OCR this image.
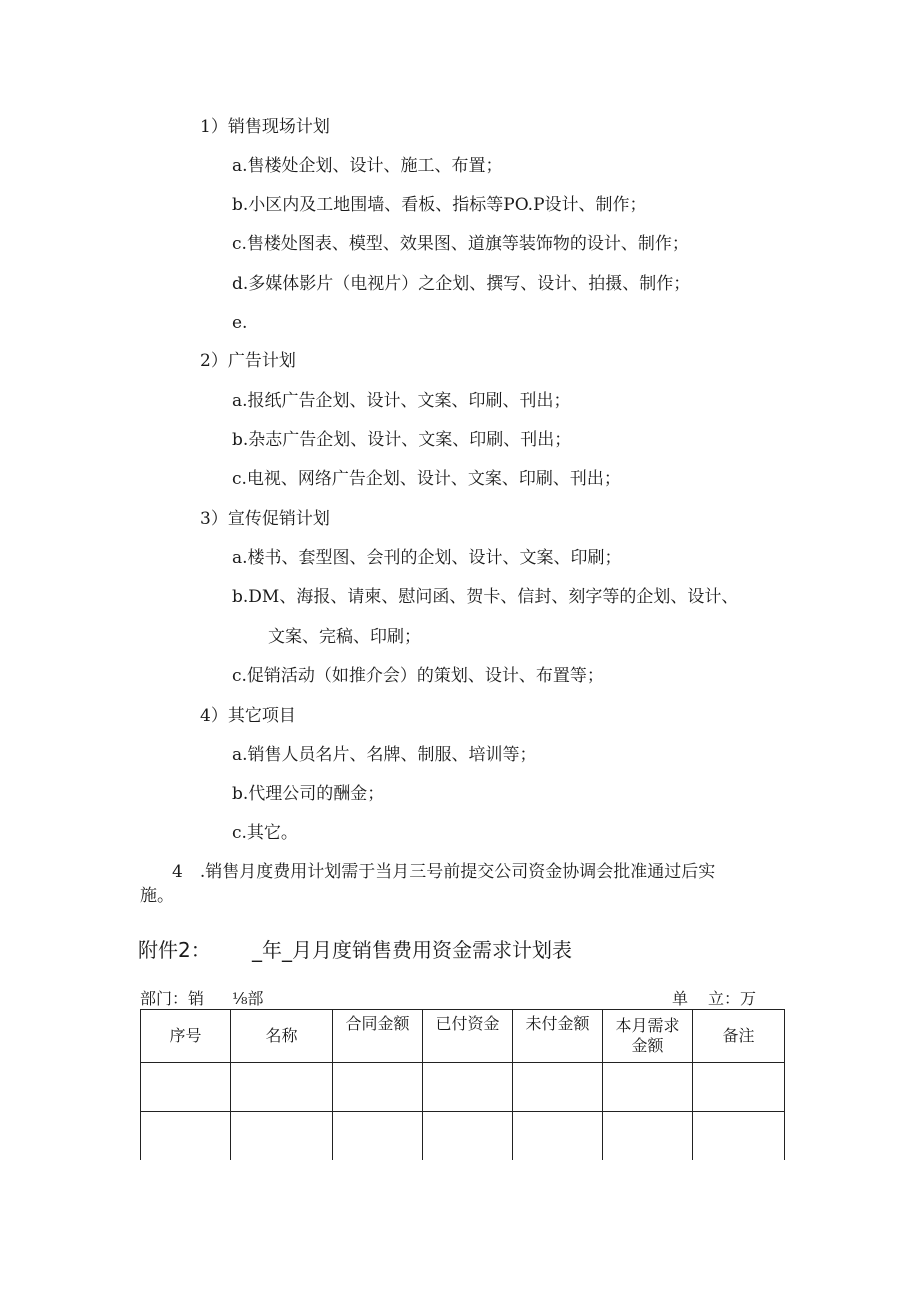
1）销售现场计划
a.售楼处企划、设计、施工、布置；
b.小区内及工地围墙、看板、指标等PO.P设计、制作；
c.售楼处图表、模型、效果图、道旗等装饰物的设计、制作；
d.多媒体影片（电视片）之企划、撰写、设计、拍摄、制作；
e.
2）广告计划
a.报纸广告企划、设计、文案、印刷、刊出；
b.杂志广告企划、设计、文案、印刷、刊出；
c.电视、网络广告企划、设计、文案、印刷、刊出；
3）宣传促销计划
a.楼书、套型图、会刊的企划、设计、文案、印刷；
b.DM、海报、请柬、慰问函、贺卡、信封、刻字等的企划、设计、
文案、完稿、印刷；
c.促销活动（如推介会）的策划、设计、布置等；
4）其它项目
a.销售人员名片、名牌、制服、培训等；
b.代理公司的酬金；
c.其它。
4　.销售月度费用计划需于当月三号前提交公司资金协调会批准通过后实
施。
附件2： _年_月月度销售费用资金需求计划表
部门：销 ⅛部	单 立：万
序号	名称	合同金额	已付资金	未付金额	本月需求金额	备注
